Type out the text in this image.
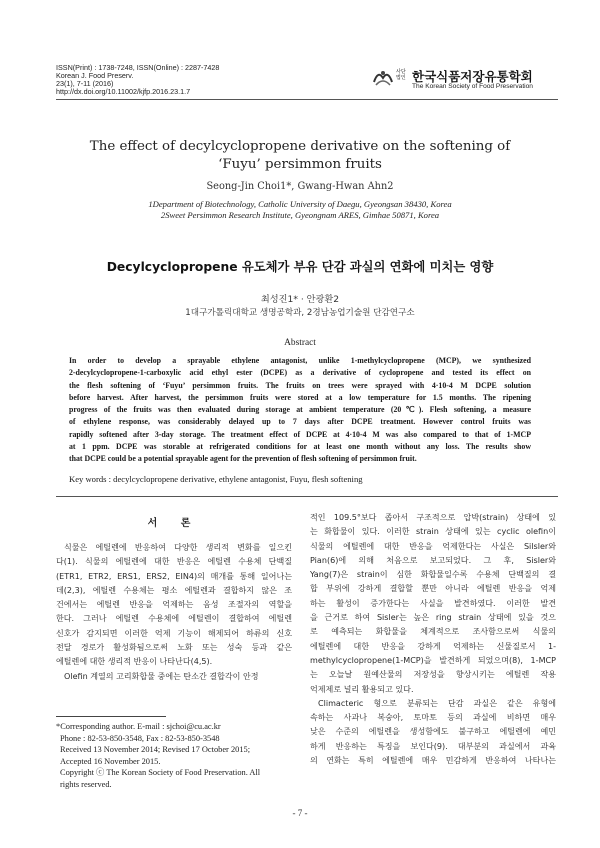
ISSN(Print) : 1738-7248, ISSN(Online) : 2287-7428
Korean J. Food Preserv.
23(1), 7-11 (2016)
http://dx.doi.org/10.11002/kjfp.2016.23.1.7
사단법인 한국식품저장유통학회
The Korean Society of Food Preservation
The effect of decylcyclopropene derivative on the softening of
‘Fuyu’ persimmon fruits
Seong-Jin Choi1*, Gwang-Hwan Ahn2
1Department of Biotechnology, Catholic University of Daegu, Gyeongsan 38430, Korea
2Sweet Persimmon Research Institute, Gyeongnam ARES, Gimhae 50871, Korea
Decylcyclopropene 유도체가 부유 단감 과실의 연화에 미치는 영향
최성진1* · 안광환2
1대구가톨릭대학교 생명공학과, 2경남농업기술원 단감연구소
Abstract
In order to develop a sprayable ethylene antagonist, unlike 1-methylcyclopropene (MCP), we synthesized
2-decylcyclopropene-1-carboxylic acid ethyl ester (DCPE) as a derivative of cyclopropene and tested its effect on
the flesh softening of ‘Fuyu’ persimmon fruits. The fruits on trees were sprayed with 4·10-4 M DCPE solution
before harvest. After harvest, the persimmon fruits were stored at a low temperature for 1.5 months. The ripening
progress of the fruits was then evaluated during storage at ambient temperature (20℃). Flesh softening, a measure
of ethylene response, was considerably delayed up to 7 days after DCPE treatment. However control fruits was
rapidly softened after 3-day storage. The treatment effect of DCPE at 4·10-4 M was also compared to that of 1-MCP
at 1 ppm. DCPE was storable at refrigerated conditions for at least one month without any loss. The results show
that DCPE could be a potential sprayable agent for the prevention of flesh softening of persimmon fruit.
Key words : decylcyclopropene derivative, ethylene antagonist, Fuyu, flesh softening
서 론
식물은 에틸렌에 반응하여 다양한 생리적 변화를 일으킨
다(1). 식물의 에틸렌에 대한 반응은 에틸렌 수용체 단백질
(ETR1, ETR2, ERS1, ERS2, EIN4)의 매개를 통해 일어나는
데(2,3), 에틸렌 수용체는 평소 에틸렌과 결합하지 않은 조
건에서는 에틸렌 반응을 억제하는 음성 조절자의 역할을
한다. 그러나 에틸렌 수용체에 에틸렌이 결합하여 에틸렌
신호가 감지되면 이러한 억제 기능이 해제되어 하류의 신호
전달 경로가 활성화됨으로써 노화 또는 성숙 등과 같은
에틸렌에 대한 생리적 반응이 나타난다(4,5).
Olefin 계열의 고리화합물 중에는 탄소간 결합각이 안정
*Corresponding author. E-mail : sjchoi@cu.ac.kr
Phone : 82-53-850-3548, Fax : 82-53-850-3548
Received 13 November 2014; Revised 17 October 2015;
Accepted 16 November 2015.
Copyright ⓒ The Korean Society of Food Preservation. All
rights reserved.
적인 109.5°보다 좁아서 구조적으로 압박(strain) 상태에 있
는 화합물이 있다. 이러한 strain 상태에 있는 cyclic olefin이
식물의 에틸렌에 대한 반응을 억제한다는 사실은 Silsler와
Pian(6)에 의해 처음으로 보고되었다. 그 후, Sisler와
Yang(7)은 strain이 심한 화합물일수록 수용체 단백질의 결
합 부위에 강하게 결합할 뿐만 아니라 에틸렌 반응을 억제
하는 활성이 증가한다는 사실을 발견하였다. 이러한 발견
을 근거로 하여 Sisler는 높은 ring strain 상태에 있을 것으
로 예측되는 화합물을 체계적으로 조사함으로써 식물의
에틸렌에 대한 반응을 강하게 억제하는 신물질로서 1-
methylcyclopropene(1-MCP)을 발견하게 되었으며(8), 1-MCP
는 오늘날 원예산물의 저장성을 향상시키는 에틸렌 작용
억제제로 널리 활용되고 있다.
Climacteric 형으로 분류되는 단감 과실은 같은 유형에
속하는 사과나 복숭아, 토마토 등의 과실에 비하면 매우
낮은 수준의 에틸렌을 생성함에도 불구하고 에틸렌에 예민
하게 반응하는 특징을 보인다(9). 대부분의 과실에서 과육
의 연화는 특히 에틸렌에 매우 민감하게 반응하여 나타나는
- 7 -
